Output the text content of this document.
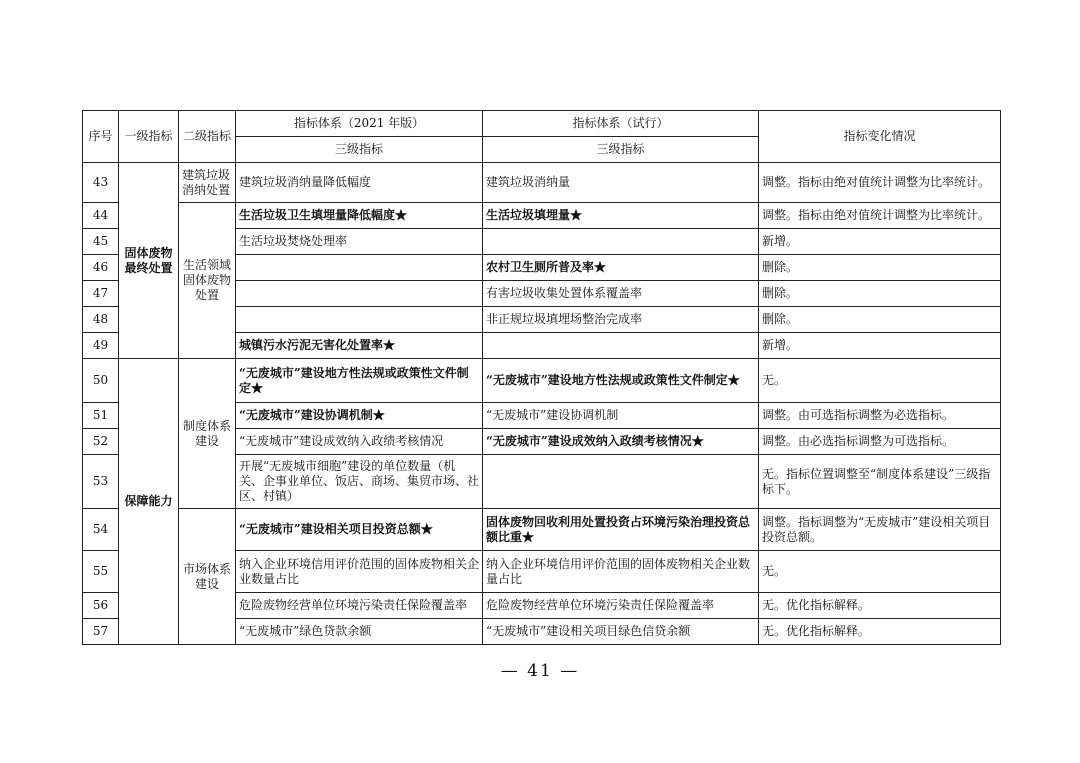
序号	一级指标	二级指标	指标体系（2021 年版）	指标体系（试行）	指标变化情况
			三级指标	三级指标	
43	固体废物最终处置	建筑垃圾消纳处置	建筑垃圾消纳量降低幅度	建筑垃圾消纳量	调整。指标由绝对值统计调整为比率统计。
44		生活领域固体废物处置	生活垃圾卫生填埋量降低幅度★	生活垃圾填埋量★	调整。指标由绝对值统计调整为比率统计。
45			生活垃圾焚烧处理率		新增。
46				农村卫生厕所普及率★	删除。
47				有害垃圾收集处置体系覆盖率	删除。
48				非正规垃圾填埋场整治完成率	删除。
49			城镇污水污泥无害化处置率★		新增。
50	保障能力	制度体系建设	“无废城市”建设地方性法规或政策性文件制定★	“无废城市”建设地方性法规或政策性文件制定★	无。
51			“无废城市”建设协调机制★	“无废城市”建设协调机制	调整。由可选指标调整为必选指标。
52			“无废城市”建设成效纳入政绩考核情况	“无废城市”建设成效纳入政绩考核情况★	调整。由必选指标调整为可选指标。
53			开展“无废城市细胞”建设的单位数量（机关、企事业单位、饭店、商场、集贸市场、社区、村镇）		无。指标位置调整至“制度体系建设”三级指标下。
54		市场体系建设	“无废城市”建设相关项目投资总额★	固体废物回收利用处置投资占环境污染治理投资总额比重★	调整。指标调整为“无废城市”建设相关项目投资总额。
55			纳入企业环境信用评价范围的固体废物相关企业数量占比	纳入企业环境信用评价范围的固体废物相关企业数量占比	无。
56			危险废物经营单位环境污染责任保险覆盖率	危险废物经营单位环境污染责任保险覆盖率	无。优化指标解释。
57			“无废城市”绿色贷款余额	“无废城市”建设相关项目绿色信贷余额	无。优化指标解释。
— 41 —
